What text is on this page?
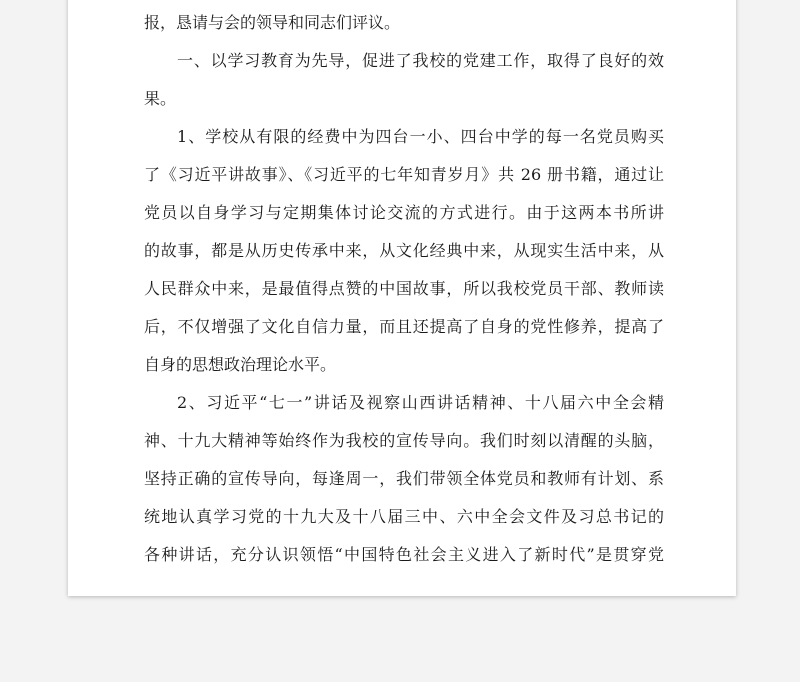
报，恳请与会的领导和同志们评议。
一、以学习教育为先导，促进了我校的党建工作，取得了良好的效
果。
1、学校从有限的经费中为四台一小、四台中学的每一名党员购买
了《习近平讲故事》、《习近平的七年知青岁月》共 26 册书籍，通过让
党员以自身学习与定期集体讨论交流的方式进行。由于这两本书所讲
的故事，都是从历史传承中来，从文化经典中来，从现实生活中来，从
人民群众中来，是最值得点赞的中国故事，所以我校党员干部、教师读
后，不仅增强了文化自信力量，而且还提高了自身的党性修养，提高了
自身的思想政治理论水平。
2、习近平“七一”讲话及视察山西讲话精神、十八届六中全会精
神、十九大精神等始终作为我校的宣传导向。我们时刻以清醒的头脑，
坚持正确的宣传导向，每逢周一，我们带领全体党员和教师有计划、系
统地认真学习党的十九大及十八届三中、六中全会文件及习总书记的
各种讲话，充分认识领悟“中国特色社会主义进入了新时代”是贯穿党
